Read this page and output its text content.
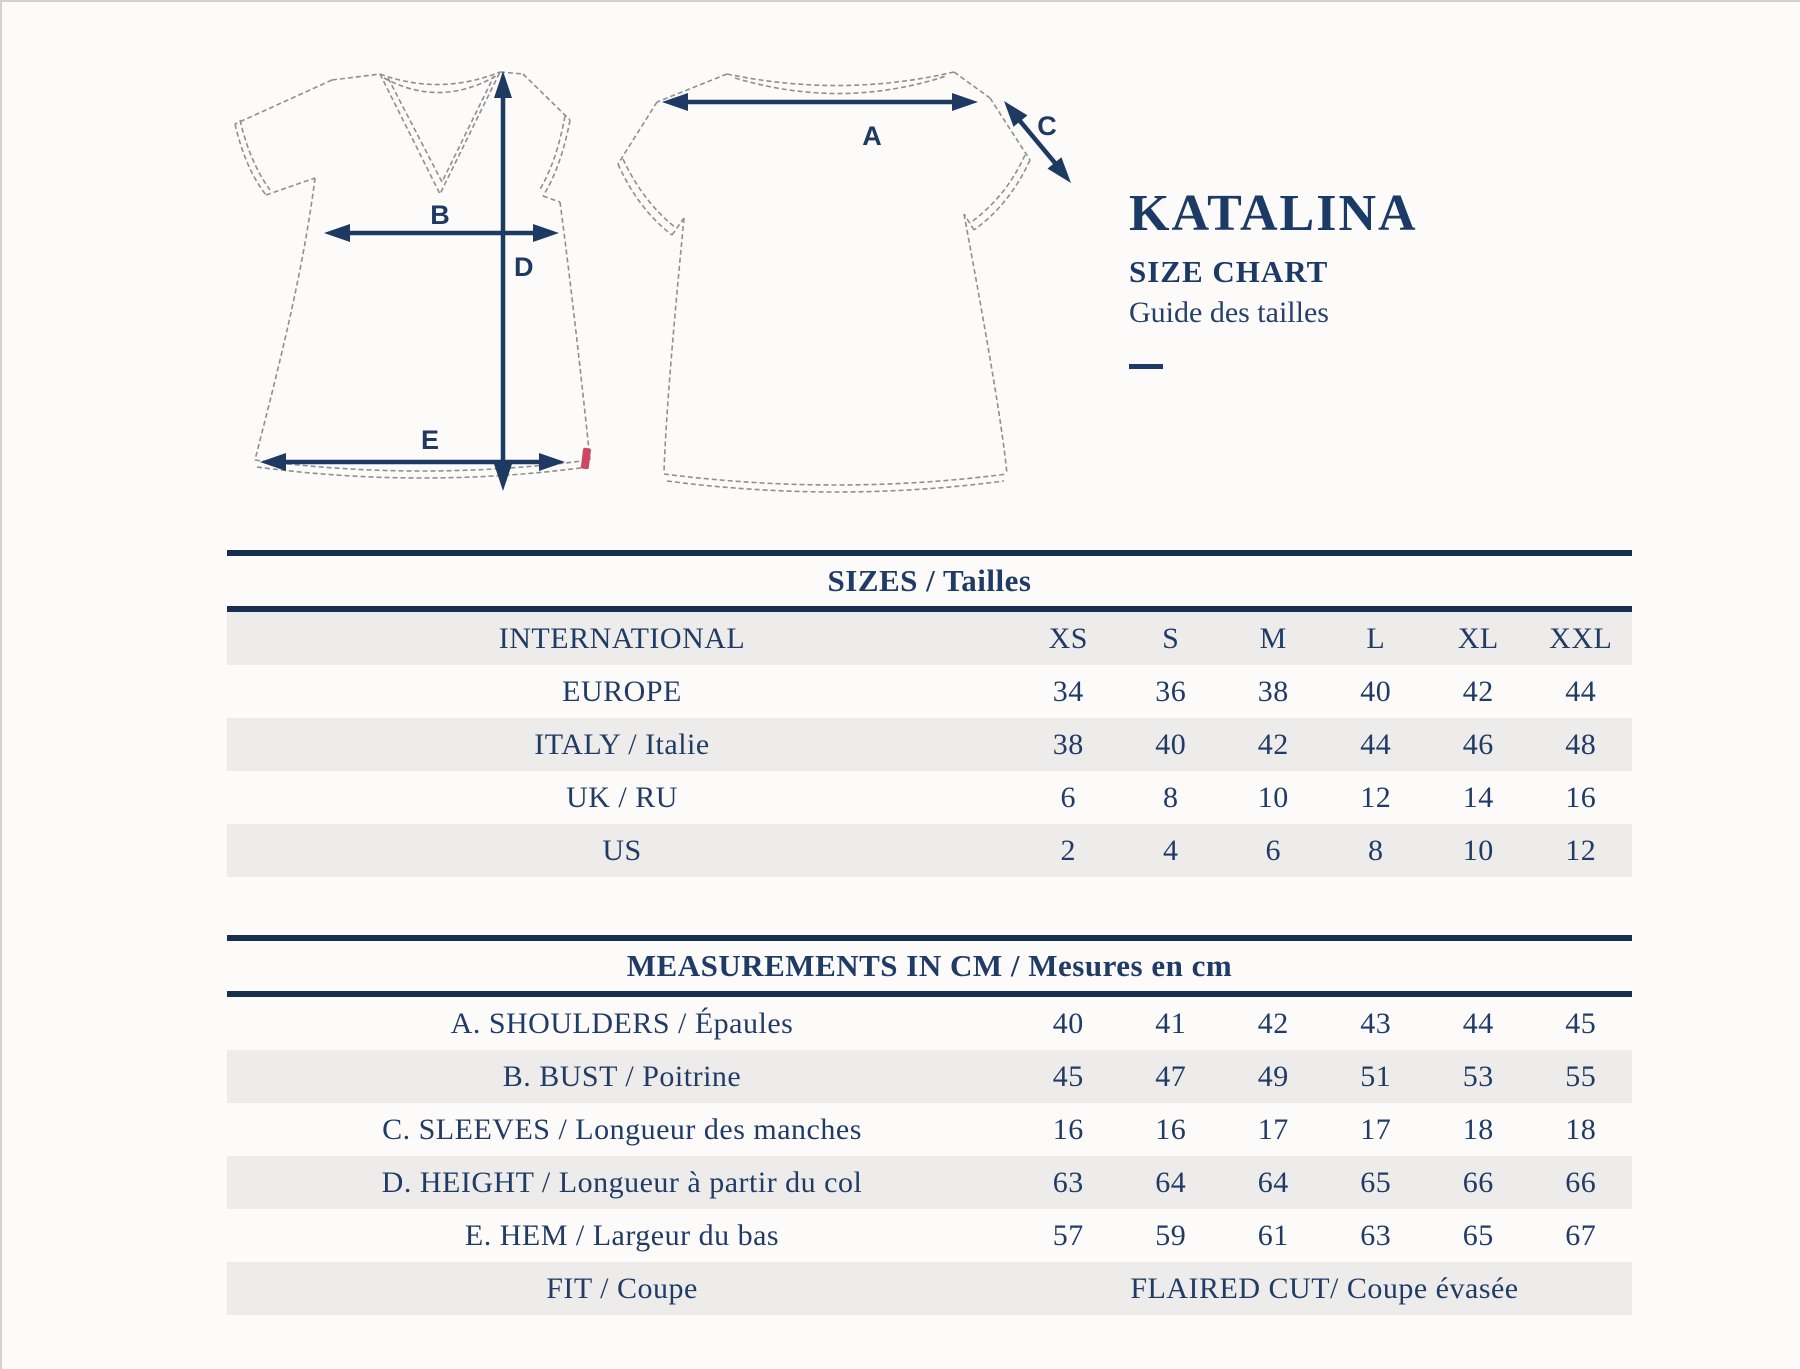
B
D
E
A	C
KATALINA
SIZE CHART
Guide des tailles
SIZES / Tailles
INTERNATIONAL	XS	S	M	L	XL	XXL
EUROPE	34	36	38	40	42	44
ITALY / Italie	38	40	42	44	46	48
UK / RU	6	8	10	12	14	16
US	2	4	6	8	10	12
MEASUREMENTS IN CM / Mesures en cm
A. SHOULDERS / Épaules	40	41	42	43	44	45
B. BUST / Poitrine	45	47	49	51	53	55
C. SLEEVES / Longueur des manches	16	16	17	17	18	18
D. HEIGHT / Longueur à partir du col	63	64	64	65	66	66
E. HEM / Largeur du bas	57	59	61	63	65	67
FIT / Coupe	FLAIRED CUT/ Coupe évasée					
